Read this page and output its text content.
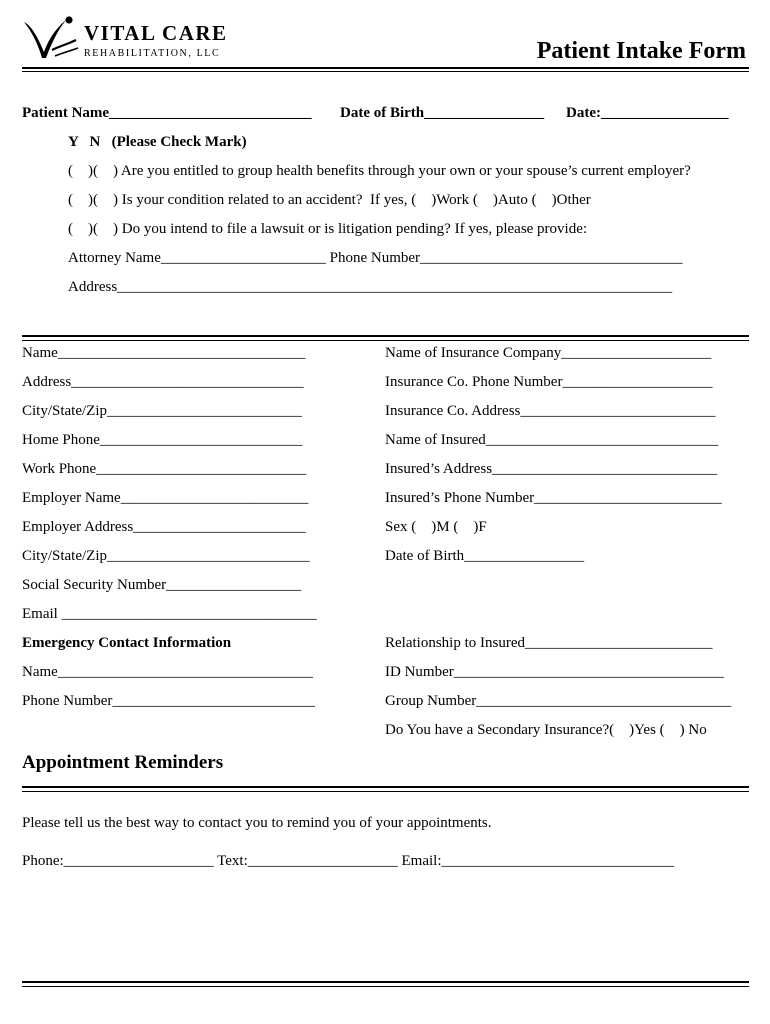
VITAL CARE
REHABILITATION, LLC	Patient Intake Form
Patient Name___________________________ Date of Birth________________ Date:_________________
Y   N   (Please Check Mark)
(    )(    ) Are you entitled to group health benefits through your own or your spouse’s current employer?
(    )(    ) Is your condition related to an accident?  If yes, (    )Work (    )Auto (    )Other
(    )(    ) Do you intend to file a lawsuit or is litigation pending? If yes, please provide:
Attorney Name______________________ Phone Number___________________________________
Address__________________________________________________________________________
Name_________________________________
Address_______________________________
City/State/Zip__________________________
Home Phone___________________________
Work Phone____________________________
Employer Name_________________________
Employer Address_______________________
City/State/Zip___________________________
Social Security Number__________________
Email __________________________________
Emergency Contact Information
Name__________________________________
Phone Number___________________________
Name of Insurance Company____________________
Insurance Co. Phone Number____________________
Insurance Co. Address__________________________
Name of Insured_______________________________
Insured’s Address______________________________
Insured’s Phone Number_________________________
Sex (    )M (    )F
Date of Birth________________
Relationship to Insured_________________________
ID Number____________________________________
Group Number__________________________________
Do You have a Secondary Insurance?(    )Yes (    ) No
Appointment Reminders
Please tell us the best way to contact you to remind you of your appointments.
Phone:____________________ Text:____________________ Email:_______________________________
